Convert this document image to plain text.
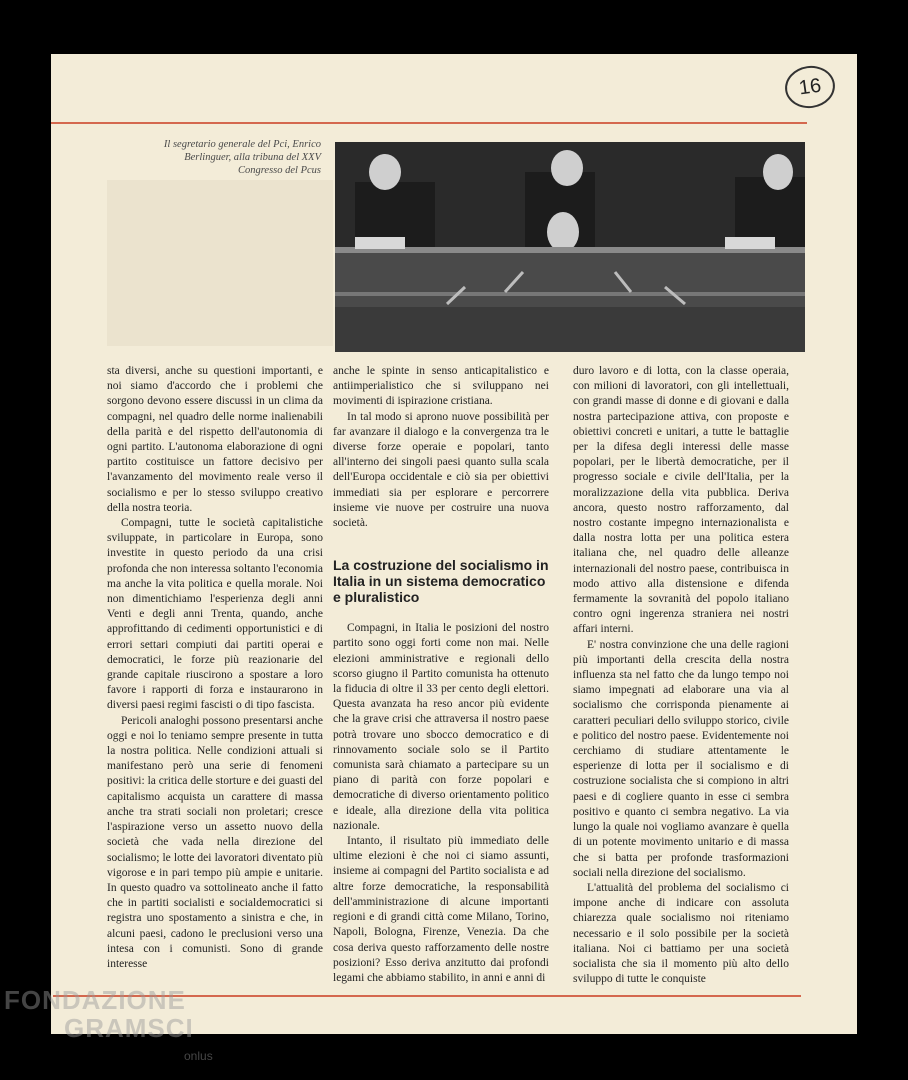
16
Il segretario generale del Pci, Enrico Berlinguer, alla tribuna del XXV Congresso del Pcus

sta diversi, anche su questioni importanti, e noi siamo d'accordo che i problemi che sorgono devono essere discussi in un clima da compagni, nel quadro delle norme inalienabili della parità e del rispetto dell'autonomia di ogni partito. L'autonoma elaborazione di ogni partito costituisce un fattore decisivo per l'avanzamento del movimento reale verso il socialismo e per lo stesso sviluppo creativo della nostra teoria.

Compagni, tutte le società capitalistiche sviluppate, in particolare in Europa, sono investite in questo periodo da una crisi profonda che non interessa soltanto l'economia ma anche la vita politica e quella morale. Noi non dimentichiamo l'esperienza degli anni Venti e degli anni Trenta, quando, anche approfittando di cedimenti opportunistici e di errori settari compiuti dai partiti operai e democratici, le forze più reazionarie del grande capitale riuscirono a spostare a loro favore i rapporti di forza e instaurarono in diversi paesi regimi fascisti o di tipo fascista.

Pericoli analoghi possono presentarsi anche oggi e noi lo teniamo sempre presente in tutta la nostra politica. Nelle condizioni attuali si manifestano però una serie di fenomeni positivi: la critica delle storture e dei guasti del capitalismo acquista un carattere di massa anche tra strati sociali non proletari; cresce l'aspirazione verso un assetto nuovo della società che vada nella direzione del socialismo; le lotte dei lavoratori diventato più vigorose e in pari tempo più ampie e unitarie. In questo quadro va sottolineato anche il fatto che in partiti socialisti e socialdemocratici si registra uno spostamento a sinistra e che, in alcuni paesi, cadono le preclusioni verso una intesa con i comunisti. Sono di grande interesse

anche le spinte in senso anticapitalistico e antiimperialistico che si sviluppano nei movimenti di ispirazione cristiana.

In tal modo si aprono nuove possibilità per far avanzare il dialogo e la convergenza tra le diverse forze operaie e popolari, tanto all'interno dei singoli paesi quanto sulla scala dell'Europa occidentale e ciò sia per obiettivi immediati sia per esplorare e percorrere insieme vie nuove per costruire una nuova società.

La costruzione del socialismo in Italia in un sistema democratico e pluralistico

Compagni, in Italia le posizioni del nostro partito sono oggi forti come non mai. Nelle elezioni amministrative e regionali dello scorso giugno il Partito comunista ha ottenuto la fiducia di oltre il 33 per cento degli elettori. Questa avanzata ha reso ancor più evidente che la grave crisi che attraversa il nostro paese potrà trovare uno sbocco democratico e di rinnovamento sociale solo se il Partito comunista sarà chiamato a partecipare su un piano di parità con forze popolari e democratiche di diverso orientamento politico e ideale, alla direzione della vita politica nazionale.

Intanto, il risultato più immediato delle ultime elezioni è che noi ci siamo assunti, insieme ai compagni del Partito socialista e ad altre forze democratiche, la responsabilità dell'amministrazione di alcune importanti regioni e di grandi città come Milano, Torino, Napoli, Bologna, Firenze, Venezia. Da che cosa deriva questo rafforzamento delle nostre posizioni? Esso deriva anzitutto dai profondi legami che abbiamo stabilito, in anni e anni di

duro lavoro e di lotta, con la classe operaia, con milioni di lavoratori, con gli intellettuali, con grandi masse di donne e di giovani e dalla nostra partecipazione attiva, con proposte e obiettivi concreti e unitari, a tutte le battaglie per la difesa degli interessi delle masse popolari, per le libertà democratiche, per il progresso sociale e civile dell'Italia, per la moralizzazione della vita pubblica. Deriva ancora, questo nostro rafforzamento, dal nostro costante impegno internazionalista e dalla nostra lotta per una politica estera italiana che, nel quadro delle alleanze internazionali del nostro paese, contribuisca in modo attivo alla distensione e difenda fermamente la sovranità del popolo italiano contro ogni ingerenza straniera nei nostri affari interni.

E' nostra convinzione che una delle ragioni più importanti della crescita della nostra influenza sta nel fatto che da lungo tempo noi siamo impegnati ad elaborare una via al socialismo che corrisponda pienamente ai caratteri peculiari dello sviluppo storico, civile e politico del nostro paese. Evidentemente noi cerchiamo di studiare attentamente le esperienze di lotta per il socialismo e di costruzione socialista che si compiono in altri paesi e di cogliere quanto in esse ci sembra positivo e quanto ci sembra negativo. La via lungo la quale noi vogliamo avanzare è quella di un potente movimento unitario e di massa che si batta per profonde trasformazioni sociali nella direzione del socialismo.

L'attualità del problema del socialismo ci impone anche di indicare con assoluta chiarezza quale socialismo noi riteniamo necessario e il solo possibile per la società italiana. Noi ci battiamo per una società socialista che sia il momento più alto dello sviluppo di tutte le conquiste

FONDAZIONE
GRAMSCI
onlus
